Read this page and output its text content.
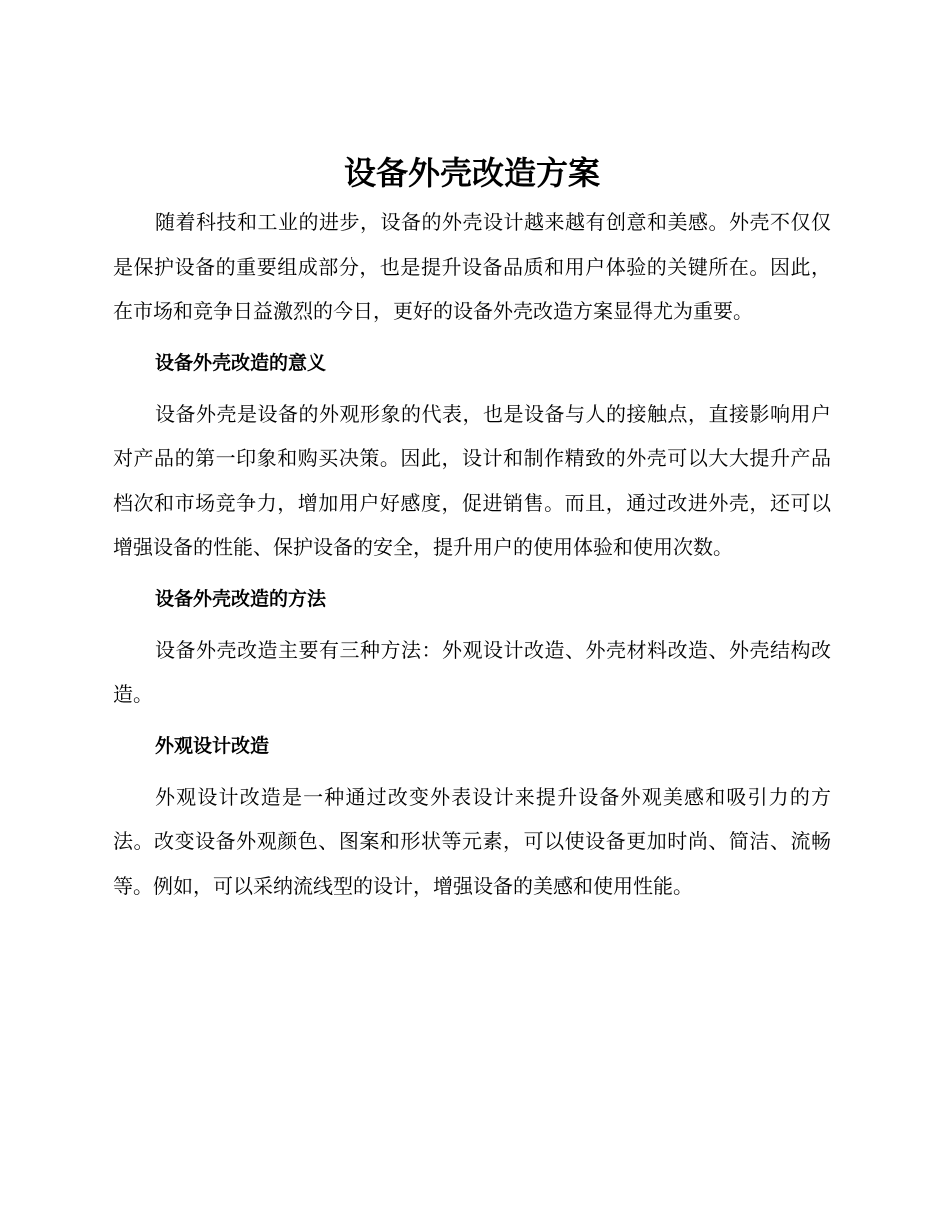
设备外壳改造方案

随着科技和工业的进步，设备的外壳设计越来越有创意和美感。外壳不仅仅是保护设备的重要组成部分，也是提升设备品质和用户体验的关键所在。因此，在市场和竞争日益激烈的今日，更好的设备外壳改造方案显得尤为重要。

设备外壳改造的意义

设备外壳是设备的外观形象的代表，也是设备与人的接触点，直接影响用户对产品的第一印象和购买决策。因此，设计和制作精致的外壳可以大大提升产品档次和市场竞争力，增加用户好感度，促进销售。而且，通过改进外壳，还可以增强设备的性能、保护设备的安全，提升用户的使用体验和使用次数。

设备外壳改造的方法

设备外壳改造主要有三种方法：外观设计改造、外壳材料改造、外壳结构改造。

外观设计改造

外观设计改造是一种通过改变外表设计来提升设备外观美感和吸引力的方法。改变设备外观颜色、图案和形状等元素，可以使设备更加时尚、简洁、流畅等。例如，可以采纳流线型的设计，增强设备的美感和使用性能。
